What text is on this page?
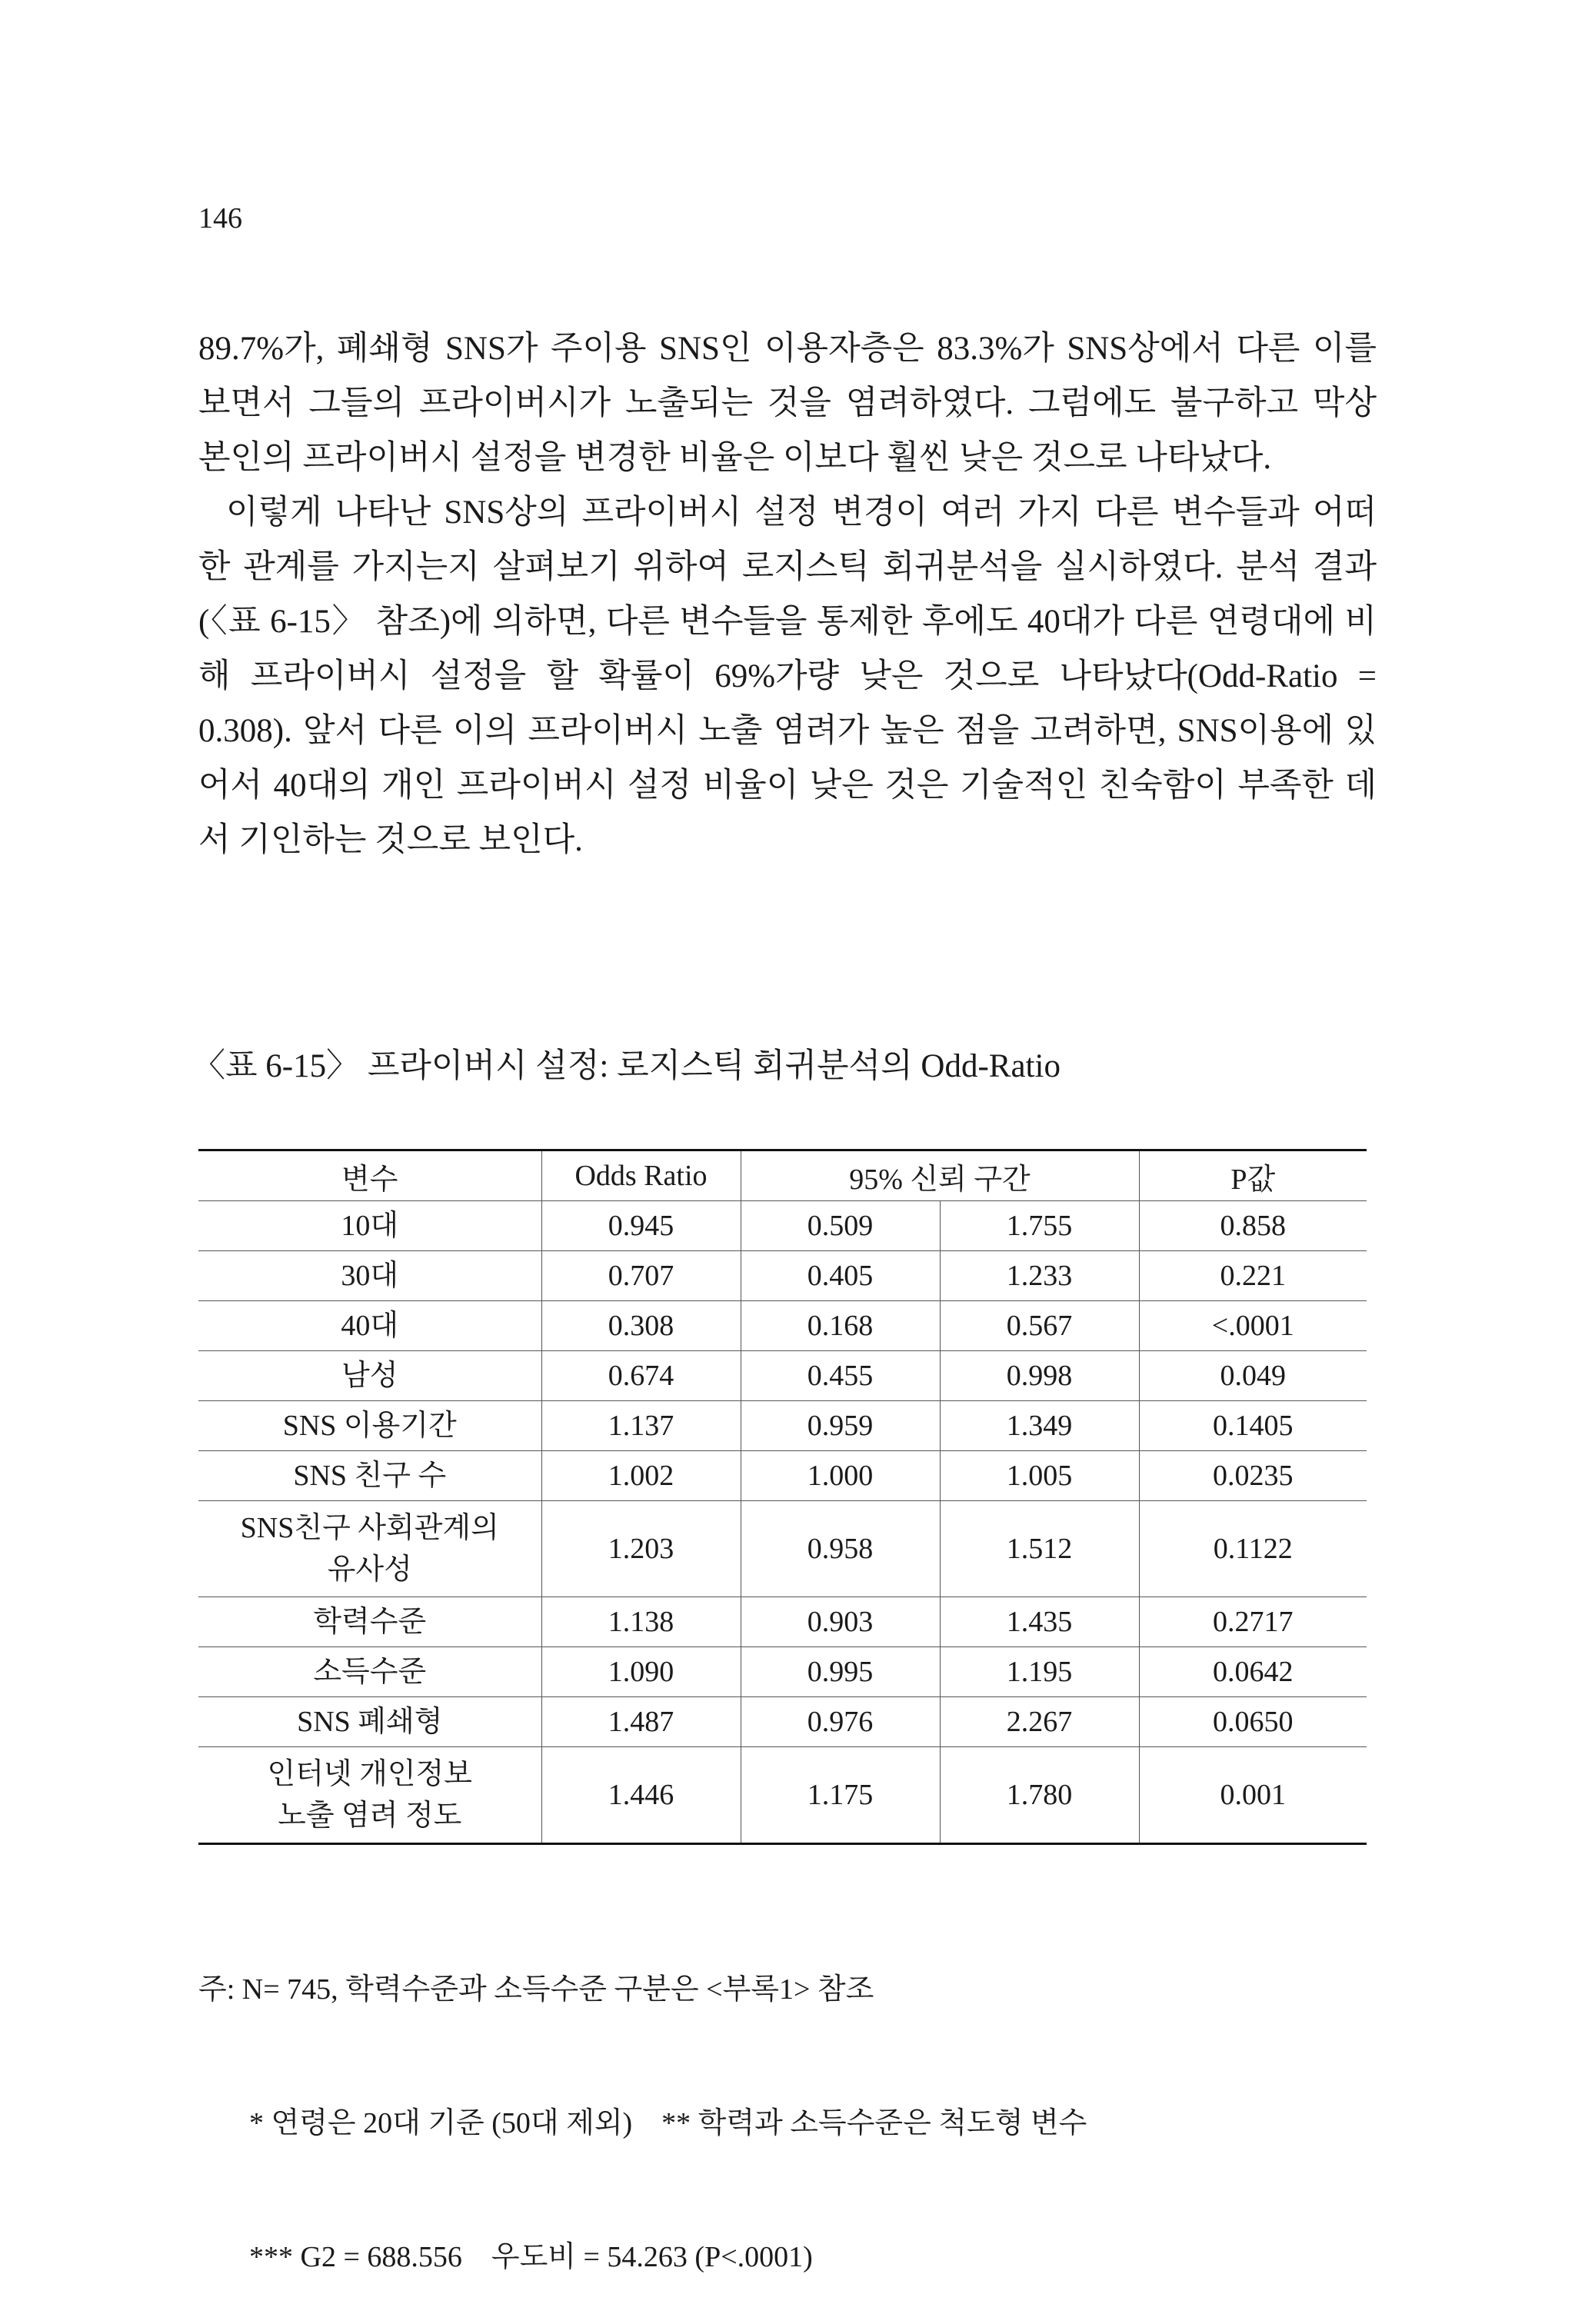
146

89.7%가, 폐쇄형 SNS가 주이용 SNS인 이용자층은 83.3%가 SNS상에서 다른 이를
보면서 그들의 프라이버시가 노출되는 것을 염려하였다. 그럼에도 불구하고 막상
본인의 프라이버시 설정을 변경한 비율은 이보다 훨씬 낮은 것으로 나타났다.

이렇게 나타난 SNS상의 프라이버시 설정 변경이 여러 가지 다른 변수들과 어떠
한 관계를 가지는지 살펴보기 위하여 로지스틱 회귀분석을 실시하였다. 분석 결과
(〈표 6-15〉 참조)에 의하면, 다른 변수들을 통제한 후에도 40대가 다른 연령대에 비
해 프라이버시 설정을 할 확률이 69%가량 낮은 것으로 나타났다(Odd-Ratio =
0.308). 앞서 다른 이의 프라이버시 노출 염려가 높은 점을 고려하면, SNS이용에 있
어서 40대의 개인 프라이버시 설정 비율이 낮은 것은 기술적인 친숙함이 부족한 데
서 기인하는 것으로 보인다.

〈표 6-15〉 프라이버시 설정: 로지스틱 회귀분석의 Odd-Ratio
변수	Odds Ratio	95% 신뢰 구간		P값

10대	0.945	0.509	1.755	0.858

30대	0.707	0.405	1.233	0.221

40대	0.308	0.168	0.567	<.0001

남성	0.674	0.455	0.998	0.049

SNS 이용기간	1.137	0.959	1.349	0.1405

SNS 친구 수	1.002	1.000	1.005	0.0235

SNS친구 사회관계의
유사성	1.203	0.958	1.512	0.1122

학력수준	1.138	0.903	1.435	0.2717

소득수준	1.090	0.995	1.195	0.0642

SNS 폐쇄형	1.487	0.976	2.267	0.0650

인터넷 개인정보
노출 염려 정도	1.446	1.175	1.780	0.001

주: N= 745, 학력수준과 소득수준 구분은 <부록1> 참조

* 연령은 20대 기준 (50대 제외)    ** 학력과 소득수준은 척도형 변수

*** G2 = 688.556    우도비 = 54.263 (P<.0001)
